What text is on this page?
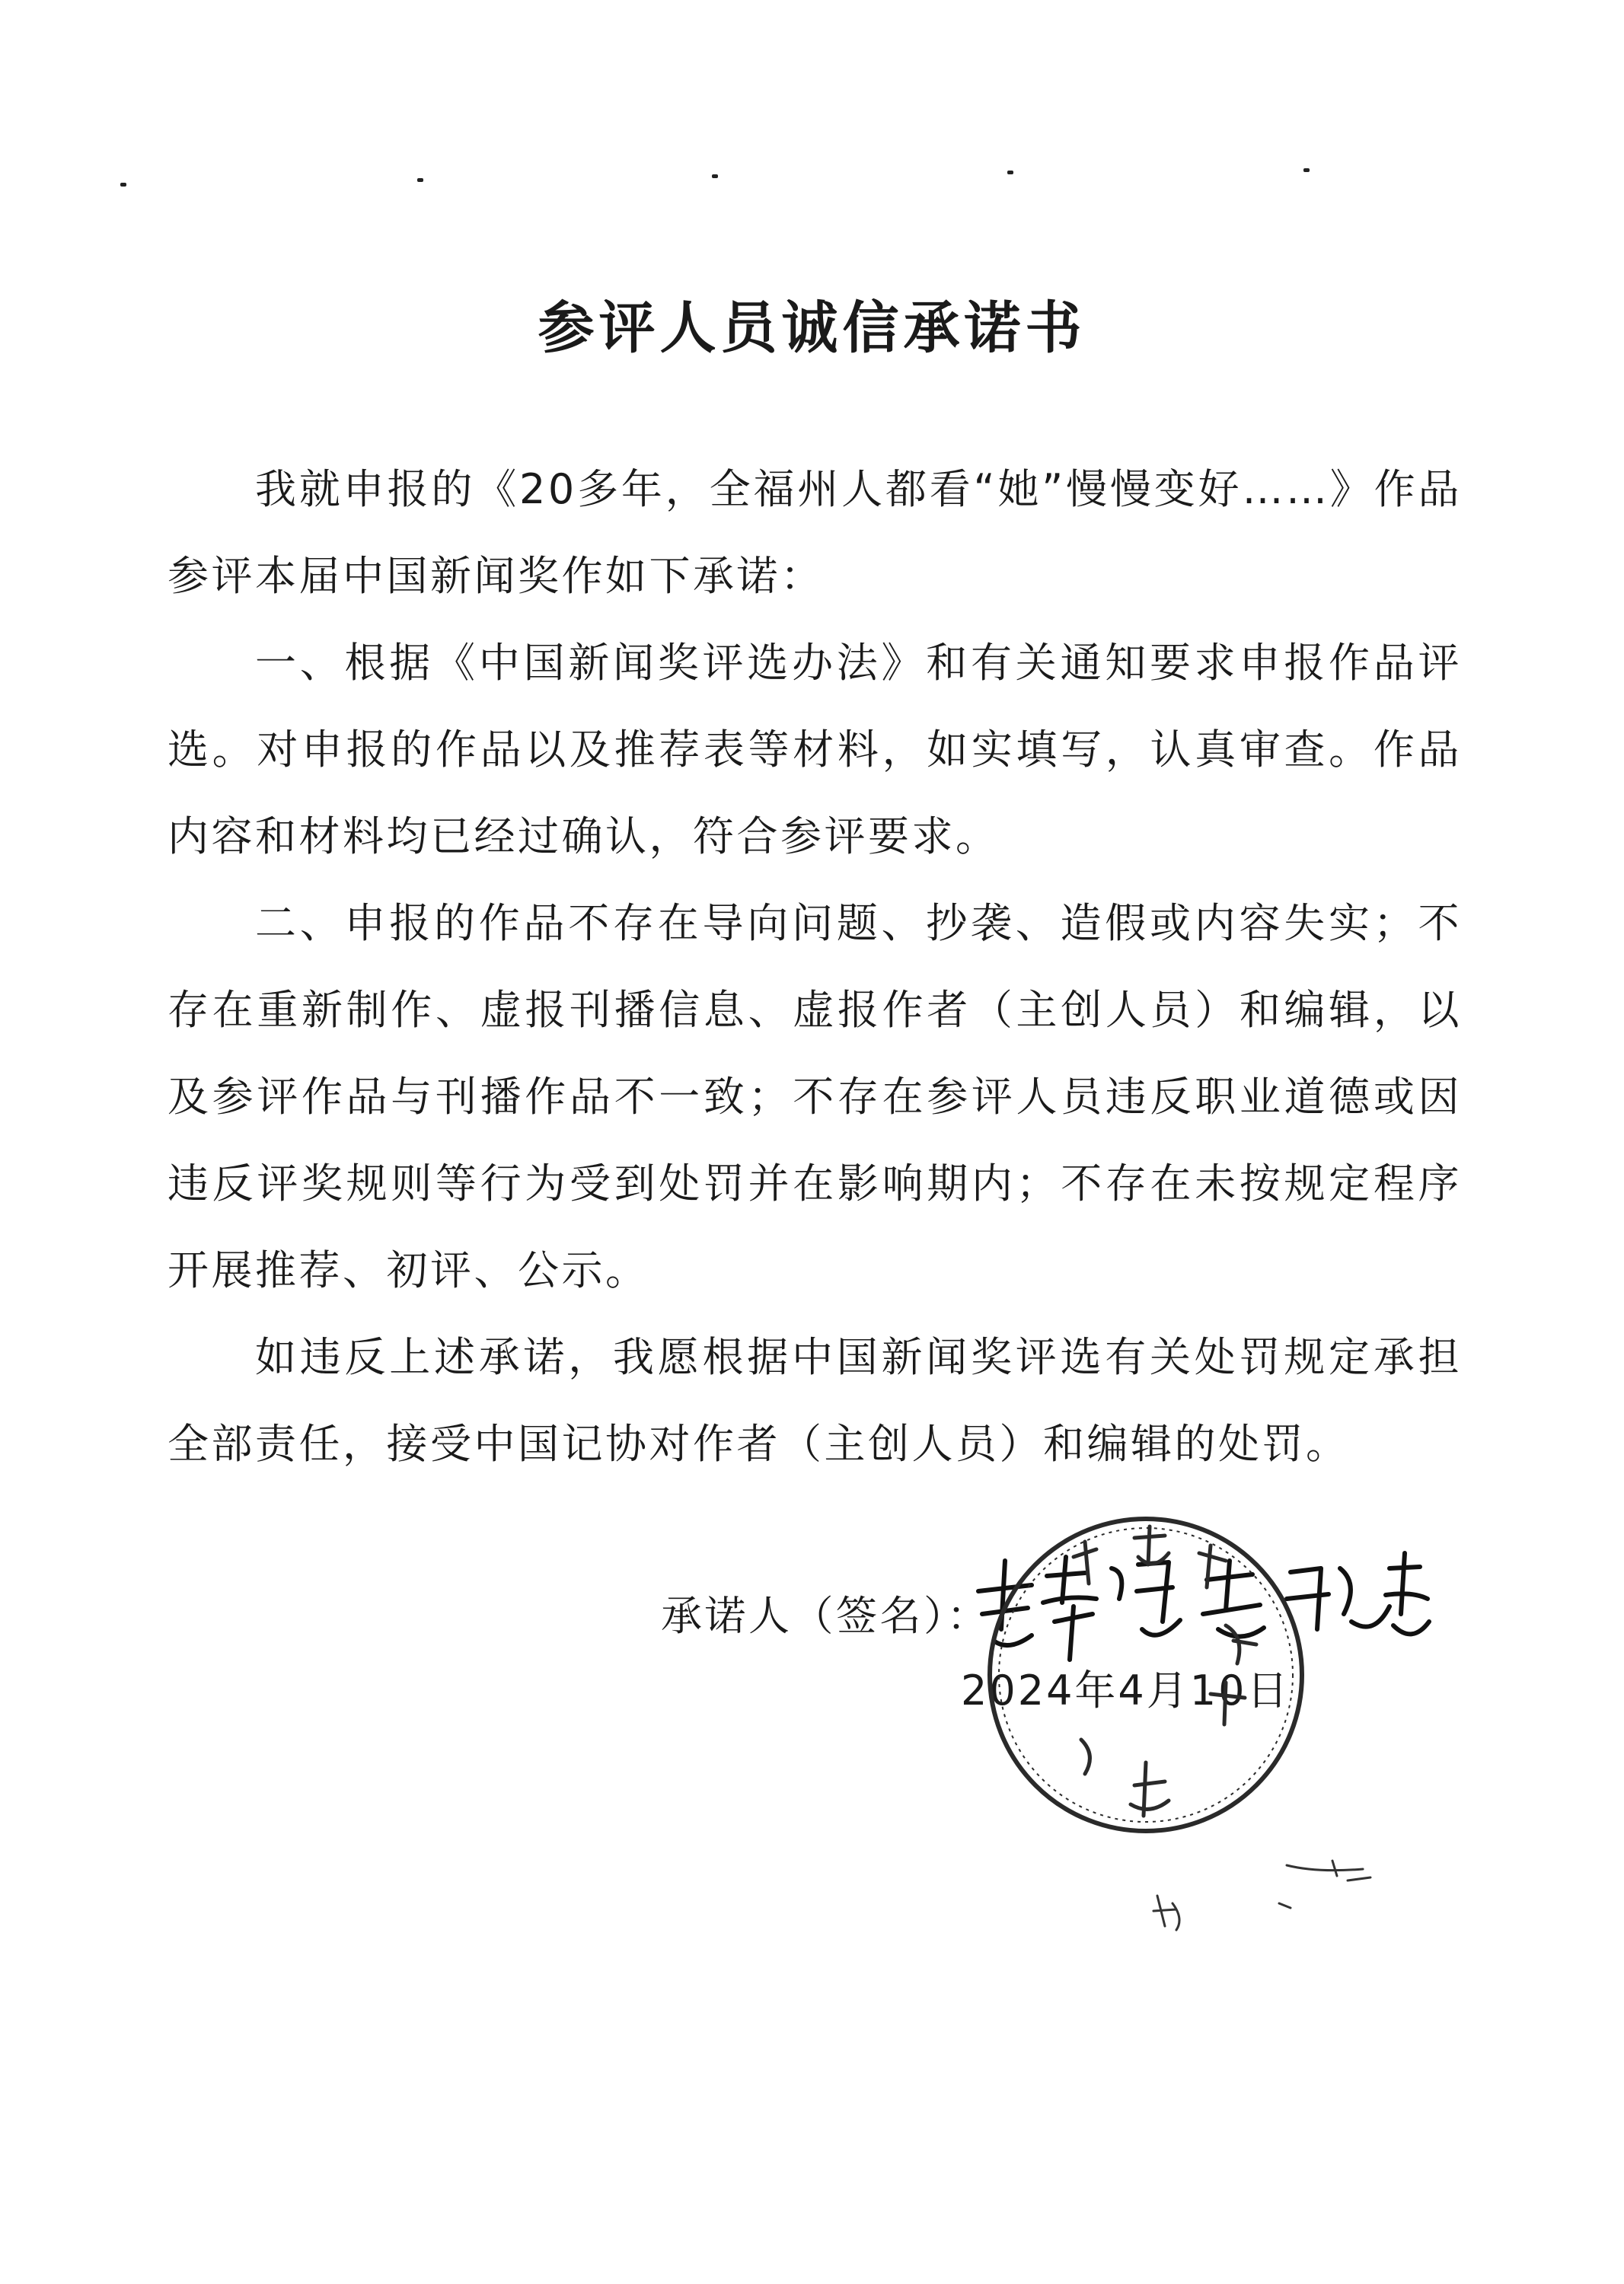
参评人员诚信承诺书

我就申报的《20多年，全福州人都看“她”慢慢变好……》作品参评本届中国新闻奖作如下承诺：

一、根据《中国新闻奖评选办法》和有关通知要求申报作品评选。对申报的作品以及推荐表等材料，如实填写，认真审查。作品内容和材料均已经过确认，符合参评要求。

二、申报的作品不存在导向问题、抄袭、造假或内容失实；不存在重新制作、虚报刊播信息、虚报作者（主创人员）和编辑，以及参评作品与刊播作品不一致；不存在参评人员违反职业道德或因违反评奖规则等行为受到处罚并在影响期内；不存在未按规定程序开展推荐、初评、公示。

如违反上述承诺，我愿根据中国新闻奖评选有关处罚规定承担全部责任，接受中国记协对作者（主创人员）和编辑的处罚。

承诺人（签名）：
2024年4月10日
